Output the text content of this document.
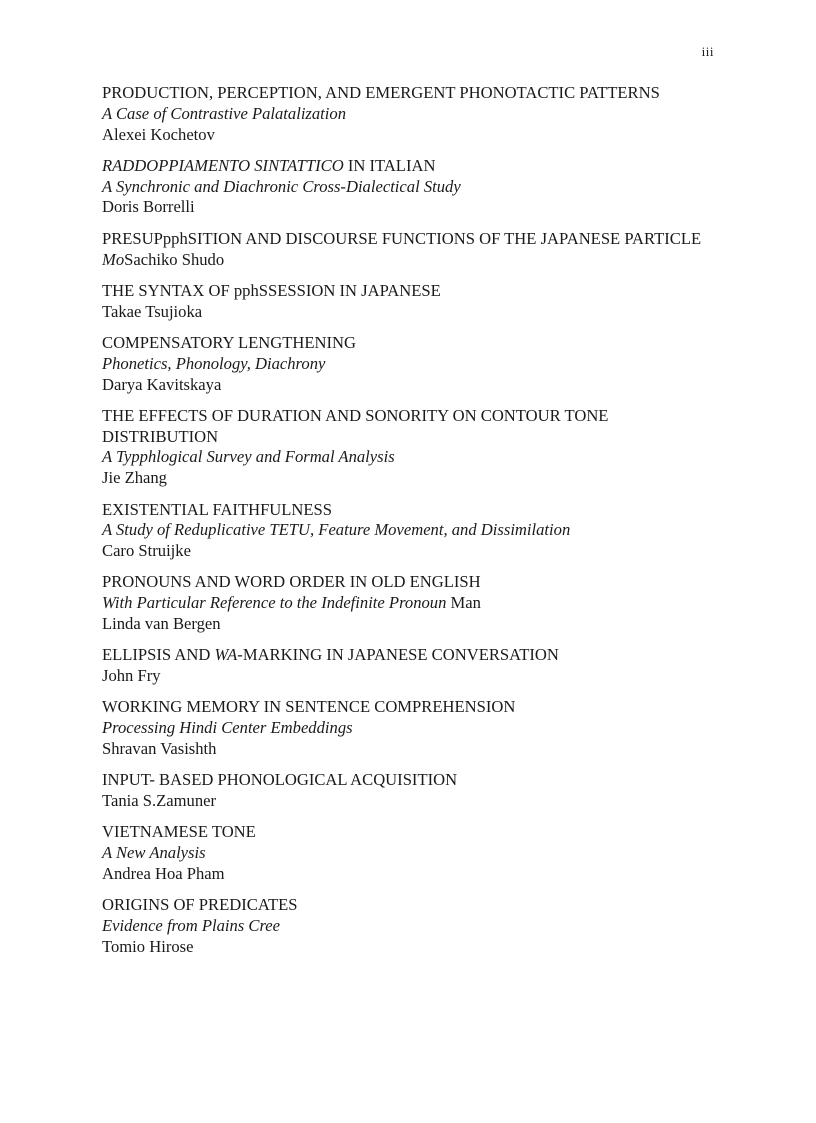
iii
PRODUCTION, PERCEPTION, AND EMERGENT PHONOTACTIC PATTERNS
A Case of Contrastive Palatalization
Alexei Kochetov
RADDOPPIAMENTO SINTATTICO IN ITALIAN
A Synchronic and Diachronic Cross-Dialectical Study
Doris Borrelli
PRESUPpphSITION AND DISCOURSE FUNCTIONS OF THE JAPANESE PARTICLE
MoSachiko Shudo
THE SYNTAX OF pphSSESSION IN JAPANESE
Takae Tsujioka
COMPENSATORY LENGTHENING
Phonetics, Phonology, Diachrony
Darya Kavitskaya
THE EFFECTS OF DURATION AND SONORITY ON CONTOUR TONE DISTRIBUTION
A Typphlogical Survey and Formal Analysis
Jie Zhang
EXISTENTIAL FAITHFULNESS
A Study of Reduplicative TETU, Feature Movement, and Dissimilation
Caro Struijke
PRONOUNS AND WORD ORDER IN OLD ENGLISH
With Particular Reference to the Indefinite Pronoun Man
Linda van Bergen
ELLIPSIS AND WA-MARKING IN JAPANESE CONVERSATION
John Fry
WORKING MEMORY IN SENTENCE COMPREHENSION
Processing Hindi Center Embeddings
Shravan Vasishth
INPUT- BASED PHONOLOGICAL ACQUISITION
Tania S.Zamuner
VIETNAMESE TONE
A New Analysis
Andrea Hoa Pham
ORIGINS OF PREDICATES
Evidence from Plains Cree
Tomio Hirose
